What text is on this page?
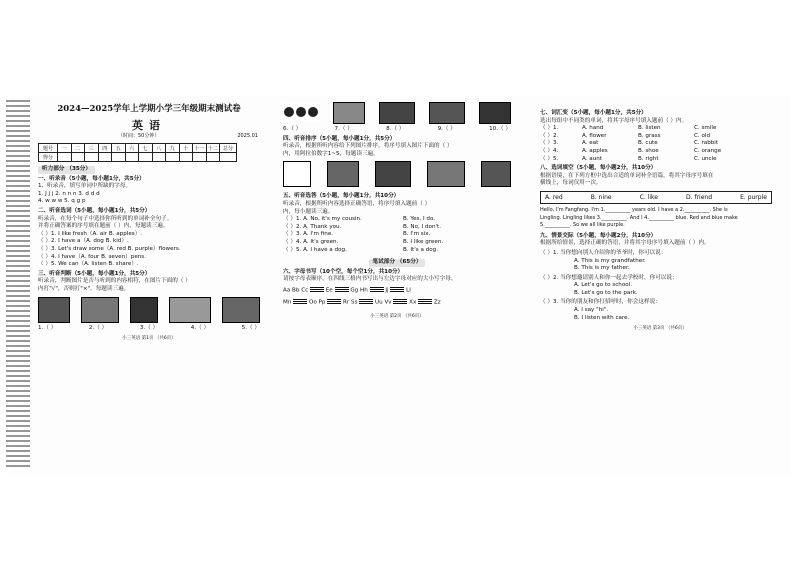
2024—2025学年上学期小学三年级期末测试卷
英语
（时间：50分钟）	2025.01
题号	一	二	三	四	五	六	七	八	九	十	十一	十二	总分
得分													
听力部分 （35分）
一、听录音（5小题，每小题1分，共5分）
1、听录音，填写单词中所缺的字母。
1. J j j 2. n n n 3. d d d
4. w w w 5. q g p
二、听音选词（5小题，每小题1分，共5分）
听录音，在每个句子中选择你所听到的单词补全句子。
并将正确答案的序号填在题前（ ）内，每题读三遍。
（ ）1. I like fresh（A. air B. apples）.
（ ）2. I have a（A. dog B. kid）.
（ ）3. Let's draw some（A. red B. purple）flowers.
（ ）4. I have（A. four B. seven）pens.
（ ）5. We can（A. listen B. share）.
三、听音判断（5小题，每小题1分，共5分）
听录音，判断图片是否与听到的内容相符，在图片下面的（ ）
内打"√"，否则打"×"，每题读三遍。
1.（ ）	2.（ ）	3.（ ）	4.（ ）	5.（ ）
小三英语 第1页 （共6页）
6.（ ）	7.（ ）	8.（ ）	9.（ ）	10.（ ）
四、听音排序（5小题，每小题1分，共5分）
听录音，根据所听内容给下列图片排序，将序号填入图片下面的（ ）
内，用阿拉伯数字1~5，每题读三遍。
五、听音选答（5小题，每小题1分，共10分）
听录音，根据所听内容选择正确答语，将序号填入题前（ ）
内，每小题读三遍。
（ ）1. A. No, it's my cousin.	B. Yes, I do.
（ ）2. A. Thank you.	B. No, I don't.
（ ）3. A. I'm fine.	B. I'm six.
（ ）4. A. It's green.	B. I like green.
（ ）5. A. I have a dog.	B. It's a dog.
笔试部分 （65分）
六、字母书写（10个空，每个空1分，共10分）
请按字母表顺序，在四线三格内书写出与左边字母对应的大小写字母。
Aa Bb Cc	Ee	Gg Hh	Jj	Ll
Mn	Oo Pp	Rr Ss	Uu Vv	Xx	Zz
小三英语 第2页 （共6页）
七、词汇变（5小题，每小题1分，共5分）
选出每组中不同类的单词，将其字母序号填入题前（ ）内。
（ ）1.	A. hand	B. listen	C. smile
（ ）2.	A. flower	B. grass	C. old
（ ）3.	A. eat	B. cute	C. rabbit
（ ）4.	A. apples	B. shoe	C. orange
（ ）5.	A. aunt	B. right	C. uncle
八、选词填空（5小题，每小题2分，共10分）
根据语境，在下列方框中选出合适的单词补全语篇，将其字母序号填在
横线上，每词仅用一次。
A. red	B. nine	C. like	D. friend	E. purple
Hello, I'm Fangfang. I'm 1.__________ years old. I have a 2.__________. She is
Lingling. Lingling likes 3.__________. And I 4.__________ blue. Red and blue make
5.__________. So we all like purple.
九、情景交际（5小题，每小题2分，共10分）
根据所给情景，选择正确的答语，并将其字母序号填入题前（ ）内。
（ ）1. 当你想向别人介绍你的爷爷时，你可以说：
A. This is my grandfather.
B. This is my father.
（ ）2. 当你想邀请别人和你一起去学校时，你可以说：
A. Let's go to school.
B. Let's go to the park.
（ ）3. 当你的朋友和你打招呼时，你会这样说：
A. I say "hi".
B. I listen with care.
小三英语 第3页 （共6页）
